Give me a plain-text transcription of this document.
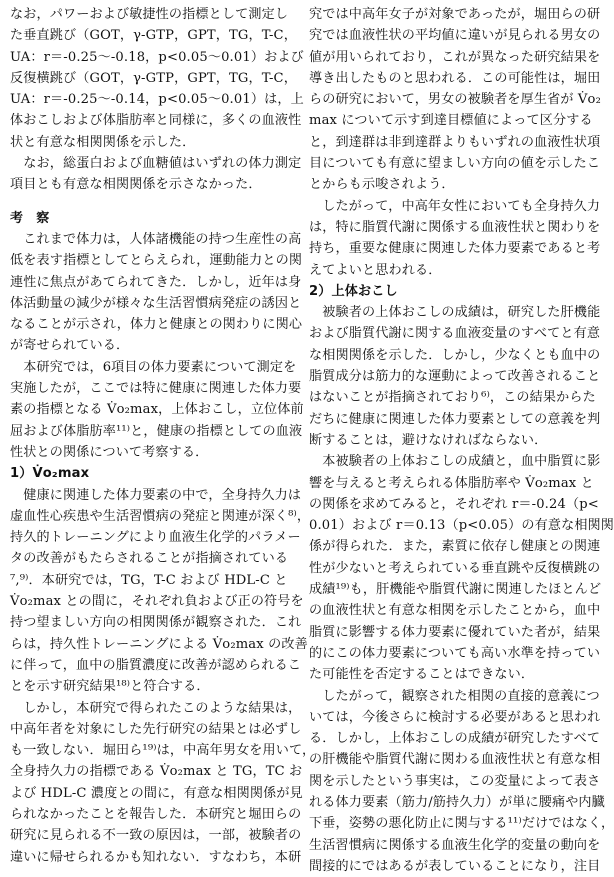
なお，パワーおよび敏捷性の指標として測定し
た垂直跳び（GOT，γ-GTP，GPT，TG，T-C，
UA：r＝-0.25〜-0.18，p<0.05〜0.01）および
反復横跳び（GOT，γ-GTP，GPT，TG，T-C，
UA：r＝-0.25〜-0.14，p<0.05〜0.01）は，上
体おこしおよび体脂肪率と同様に，多くの血液性
状と有意な相関関係を示した．
　なお，総蛋白および血糖値はいずれの体力測定
項目とも有意な相関関係を示さなかった．
考　察
　これまで体力は，人体諸機能の持つ生産性の高
低を表す指標としてとらえられ，運動能力との関
連性に焦点があてられてきた．しかし，近年は身
体活動量の減少が様々な生活習慣病発症の誘因と
なることが示され，体力と健康との関わりに関心
が寄せられている．
　本研究では，6項目の体力要素について測定を
実施したが，ここでは特に健康に関連した体力要
素の指標となる V̇o₂max，上体おこし，立位体前
屈および体脂肪率¹¹⁾と，健康の指標としての血液
性状との関係について考察する．
1）V̇o₂max
　健康に関連した体力要素の中で，全身持久力は
虚血性心疾患や生活習慣病の発症と関連が深く⁸⁾，
持久的トレーニングにより血液生化学的パラメー
タの改善がもたらされることが指摘されている
⁷,⁹⁾．本研究では，TG，T-C および HDL-C と
V̇o₂max との間に，それぞれ負および正の符号を
持つ望ましい方向の相関関係が観察された．これ
らは，持久性トレーニングによる V̇o₂max の改善
に伴って，血中の脂質濃度に改善が認められるこ
とを示す研究結果¹⁸⁾と符合する．
　しかし，本研究で得られたこのような結果は，
中高年者を対象にした先行研究の結果とは必ずし
も一致しない．堀田ら¹⁹⁾は，中高年男女を用いて，
全身持久力の指標である V̇o₂max と TG，TC お
よび HDL-C 濃度との間に，有意な相関関係が見
られなかったことを報告した．本研究と堀田らの
研究に見られる不一致の原因は，一部，被験者の
違いに帰せられるかも知れない．すなわち，本研
究では中高年女子が対象であったが，堀田らの研
究では血液性状の平均値に違いが見られる男女の
値が用いられており，これが異なった研究結果を
導き出したものと思われる．この可能性は，堀田
らの研究において，男女の被験者を厚生省が V̇o₂
max について示す到達目標値によって区分する
と，到達群は非到達群よりもいずれの血液性状項
目についても有意に望ましい方向の値を示したこ
とからも示唆されよう．
　したがって，中高年女性においても全身持久力
は，特に脂質代謝に関係する血液性状と関わりを
持ち，重要な健康に関連した体力要素であると考
えてよいと思われる．
2）上体おこし
　被験者の上体おこしの成績は，研究した肝機能
および脂質代謝に関する血液変量のすべてと有意
な相関関係を示した．しかし，少なくとも血中の
脂質成分は筋力的な運動によって改善されること
はないことが指摘されており⁶⁾，この結果からた
だちに健康に関連した体力要素としての意義を判
断することは，避けなければならない．
　本被験者の上体おこしの成績と，血中脂質に影
響を与えると考えられる体脂肪率や V̇o₂max と
の関係を求めてみると，それぞれ r＝-0.24（p<
0.01）および r＝0.13（p<0.05）の有意な相関関
係が得られた．また，素質に依存し健康との関連
性が少ないと考えられている垂直跳や反復横跳の
成績¹⁹⁾も，肝機能や脂質代謝に関連したほとんど
の血液性状と有意な相関を示したことから，血中
脂質に影響する体力要素に優れていた者が，結果
的にこの体力要素についても高い水準を持ってい
た可能性を否定することはできない．
　したがって，観察された相関の直接的意義につ
いては，今後さらに検討する必要があると思われ
る．しかし，上体おこしの成績が研究したすべて
の肝機能や脂質代謝に関わる血液性状と有意な相
関を示したという事実は，この変量によって表さ
れる体力要素（筋力/筋持久力）が単に腰痛や内臓
下垂，姿勢の悪化防止に関与する¹¹⁾だけではなく，
生活習慣病に関係する血液生化学的変量の動向を
間接的にではあるが表していることになり，注目
